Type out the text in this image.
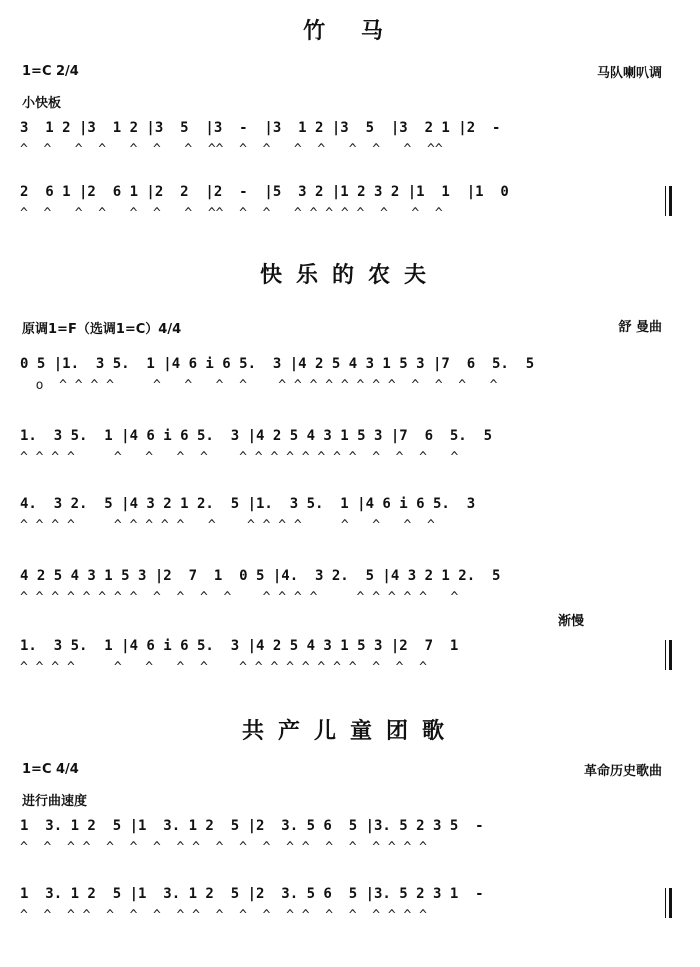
竹 马
1=C 2/4	马队喇叭调
小快板
3  1 2 |3  1 2 |3  5  |3  -  |3  1 2 |3  5  |3  2 1 |2  -
^  ^   ^  ^   ^  ^   ^  ^^  ^  ^   ^  ^   ^  ^   ^  ^^
2  6 1 |2  6 1 |2  2  |2  -  |5  3 2 |1 2 3 2 |1  1  |1  0
^  ^   ^  ^   ^  ^   ^  ^^  ^  ^   ^ ^ ^ ^ ^  ^   ^  ^
快乐的农夫
原调1=F（选调1=C）4/4	舒 曼曲
0 5 |1.  3 5.  1 |4 6 i 6 5.  3 |4 2 5 4 3 1 5 3 |7  6  5.  5
o  ^ ^ ^ ^     ^   ^   ^  ^    ^ ^ ^ ^ ^ ^ ^ ^  ^  ^  ^   ^
1.  3 5.  1 |4 6 i 6 5.  3 |4 2 5 4 3 1 5 3 |7  6  5.  5
^ ^ ^ ^     ^   ^   ^  ^    ^ ^ ^ ^ ^ ^ ^ ^  ^  ^  ^   ^
4.  3 2.  5 |4 3 2 1 2.  5 |1.  3 5.  1 |4 6 i 6 5.  3
^ ^ ^ ^     ^ ^ ^ ^ ^   ^    ^ ^ ^ ^     ^   ^   ^  ^
4 2 5 4 3 1 5 3 |2  7  1  0 5 |4.  3 2.  5 |4 3 2 1 2.  5
^ ^ ^ ^ ^ ^ ^ ^  ^  ^  ^  ^    ^ ^ ^ ^     ^ ^ ^ ^ ^   ^
渐慢
1.  3 5.  1 |4 6 i 6 5.  3 |4 2 5 4 3 1 5 3 |2  7  1
^ ^ ^ ^     ^   ^   ^  ^    ^ ^ ^ ^ ^ ^ ^ ^  ^  ^  ^
共产儿童团歌
1=C 4/4	革命历史歌曲
进行曲速度
1  3. 1 2  5 |1  3. 1 2  5 |2  3. 5 6  5 |3. 5 2 3 5  -
^  ^  ^ ^  ^  ^  ^  ^ ^  ^  ^  ^  ^ ^  ^  ^  ^ ^ ^ ^
1  3. 1 2  5 |1  3. 1 2  5 |2  3. 5 6  5 |3. 5 2 3 1  -
^  ^  ^ ^  ^  ^  ^  ^ ^  ^  ^  ^  ^ ^  ^  ^  ^ ^ ^ ^
